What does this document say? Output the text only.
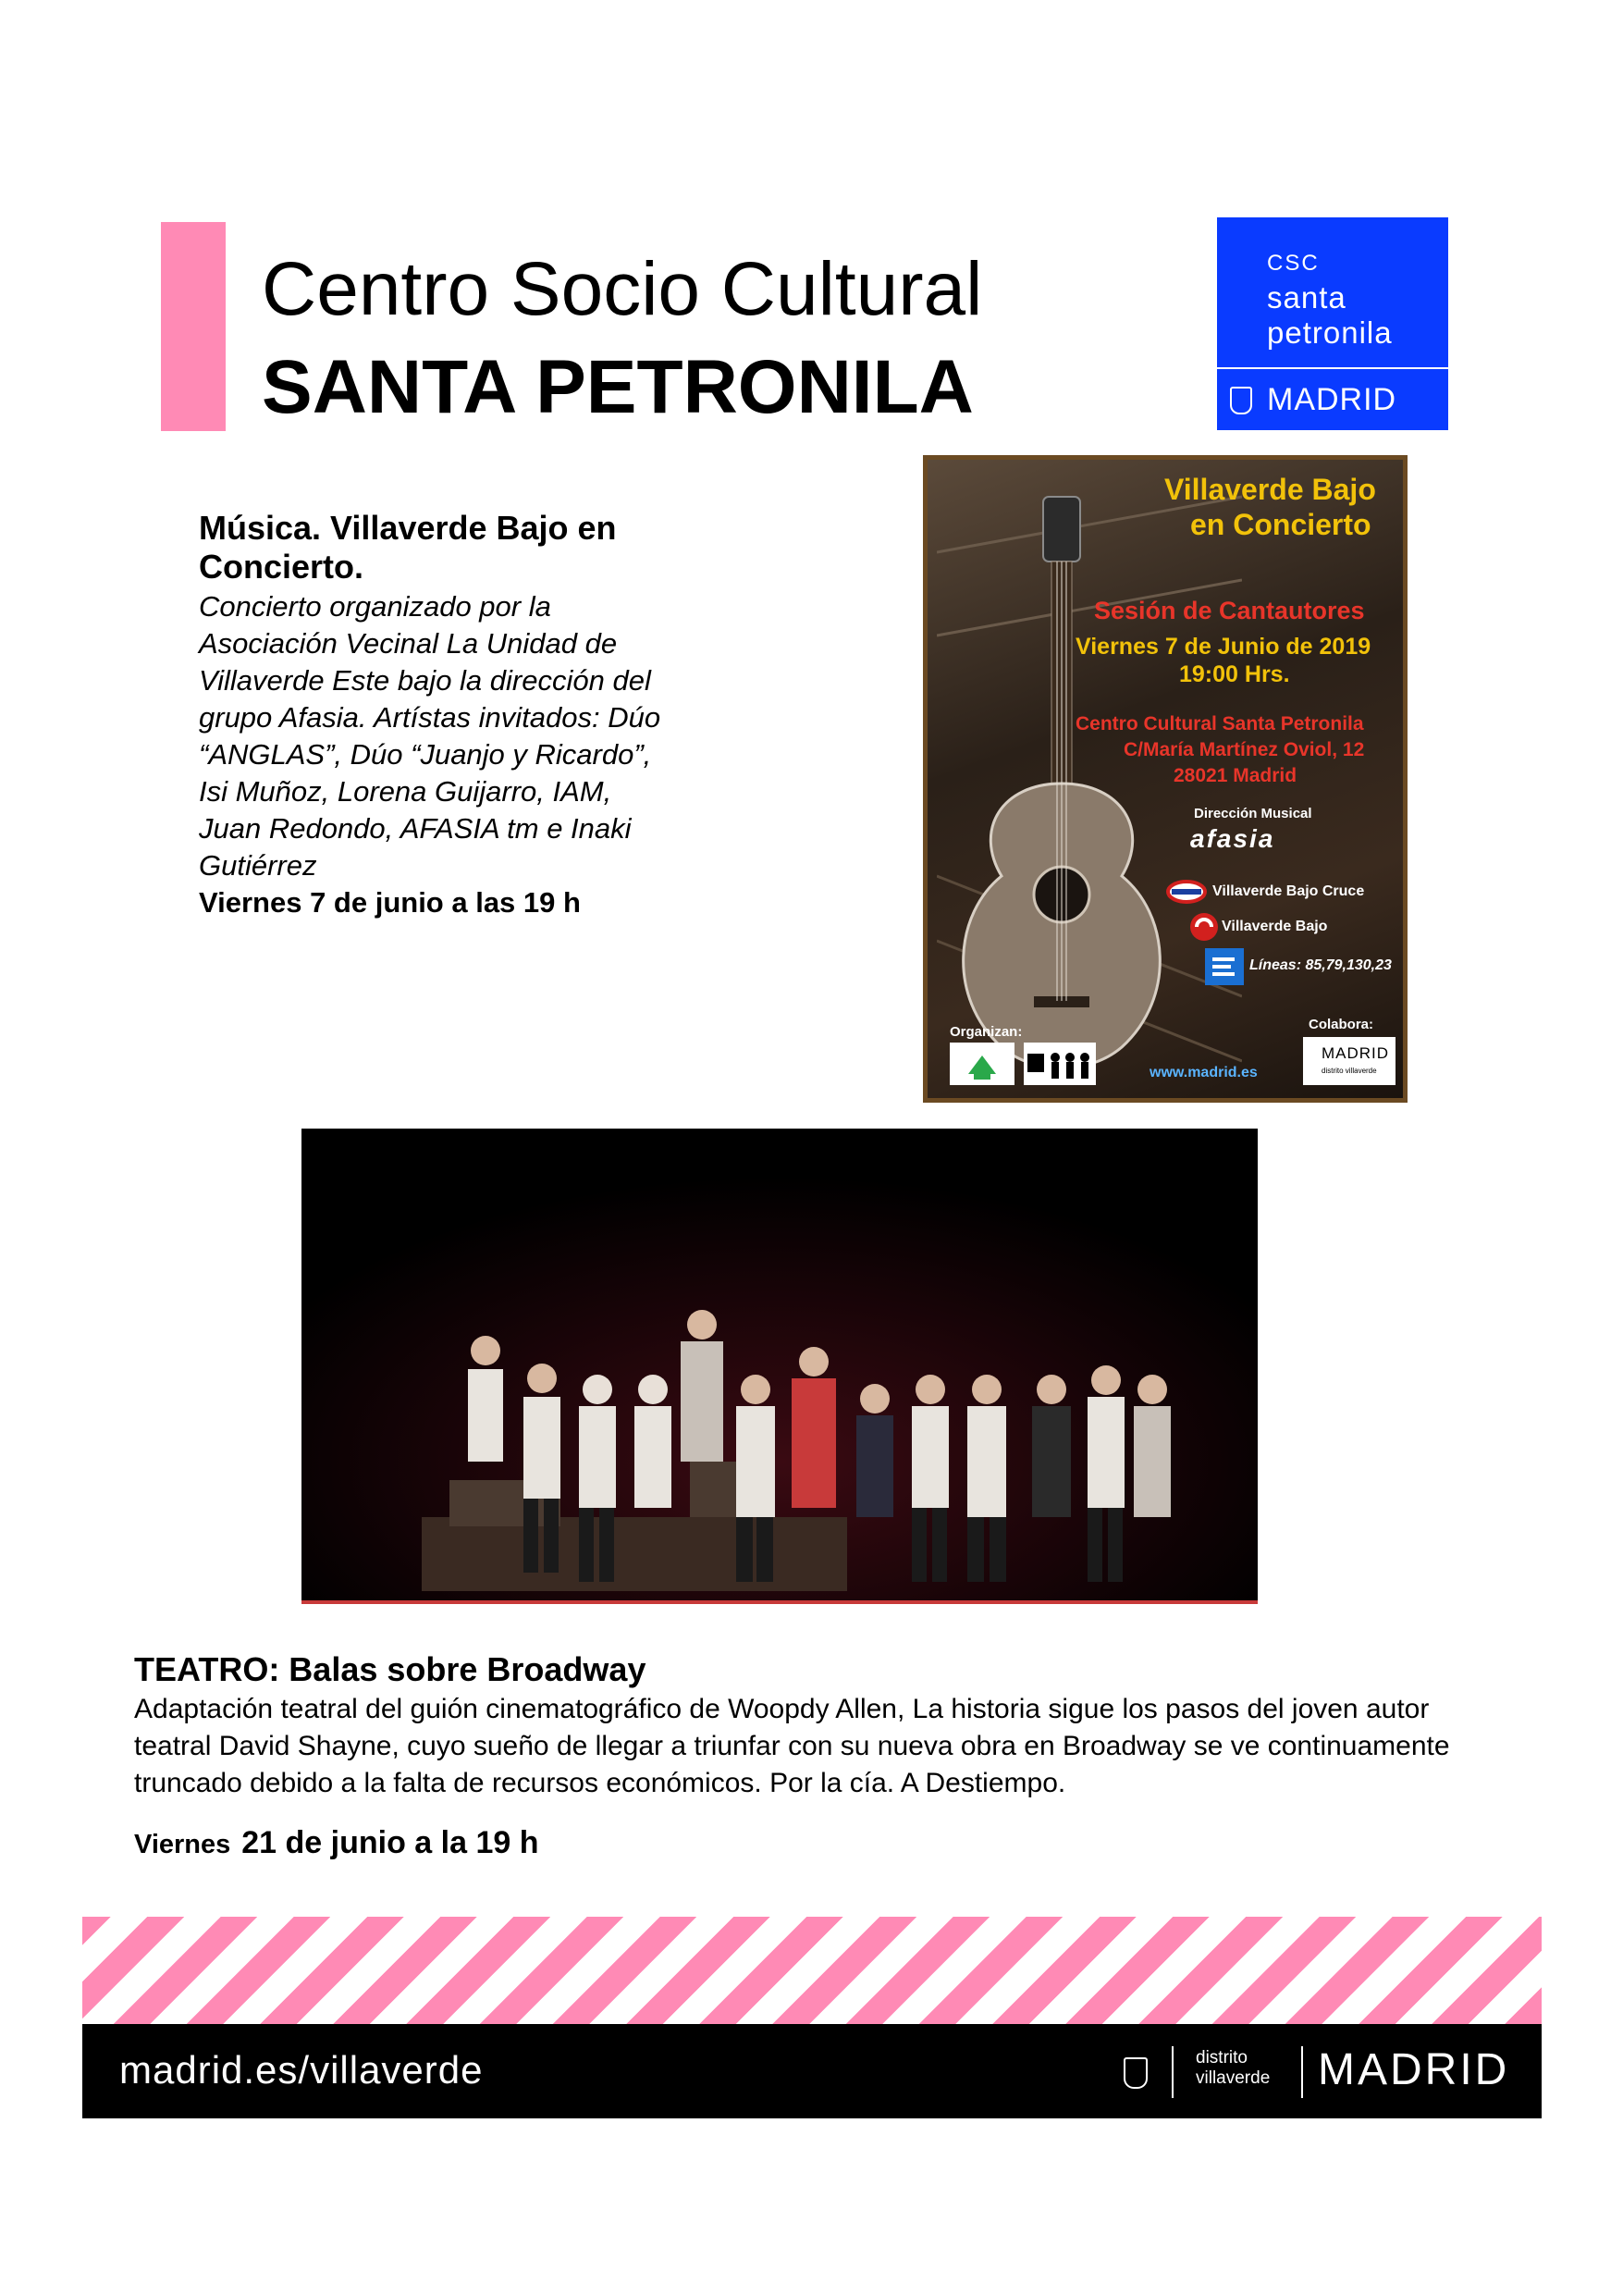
Centro Socio Cultural
SANTA PETRONILA
CSC
santa
petronila
MADRID
Música. Villaverde Bajo en Concierto.
Concierto organizado por la Asociación Vecinal La Unidad de Villaverde Este bajo la dirección del grupo Afasia. Artístas invitados: Dúo “ANGLAS”, Dúo “Juanjo y Ricardo”, Isi Muñoz, Lorena Guijarro, IAM, Juan Redondo, AFASIA tm e Inaki Gutiérrez
Viernes 7 de junio a las 19 h
Villaverde Bajo
en Concierto
Sesión de Cantautores
Viernes 7 de Junio de 2019
19:00 Hrs.
Centro Cultural Santa Petronila
C/María Martínez Oviol, 12
28021 Madrid
Dirección Musical
afasia
Villaverde Bajo Cruce
Villaverde Bajo
Líneas: 85,79,130,23
Organizan:
www.madrid.es
Colabora:
MADRID
distrito villaverde
TEATRO: Balas sobre Broadway
Adaptación teatral del guión cinematográfico de Woopdy Allen, La historia sigue los pasos del joven autor teatral David Shayne, cuyo sueño de llegar a triunfar con su nueva obra en Broadway se ve continuamente truncado debido a la falta de recursos económicos. Por la cía. A Destiempo.
Viernes 21 de junio a la 19 h
madrid.es/villaverde	distrito
villaverde MADRID
